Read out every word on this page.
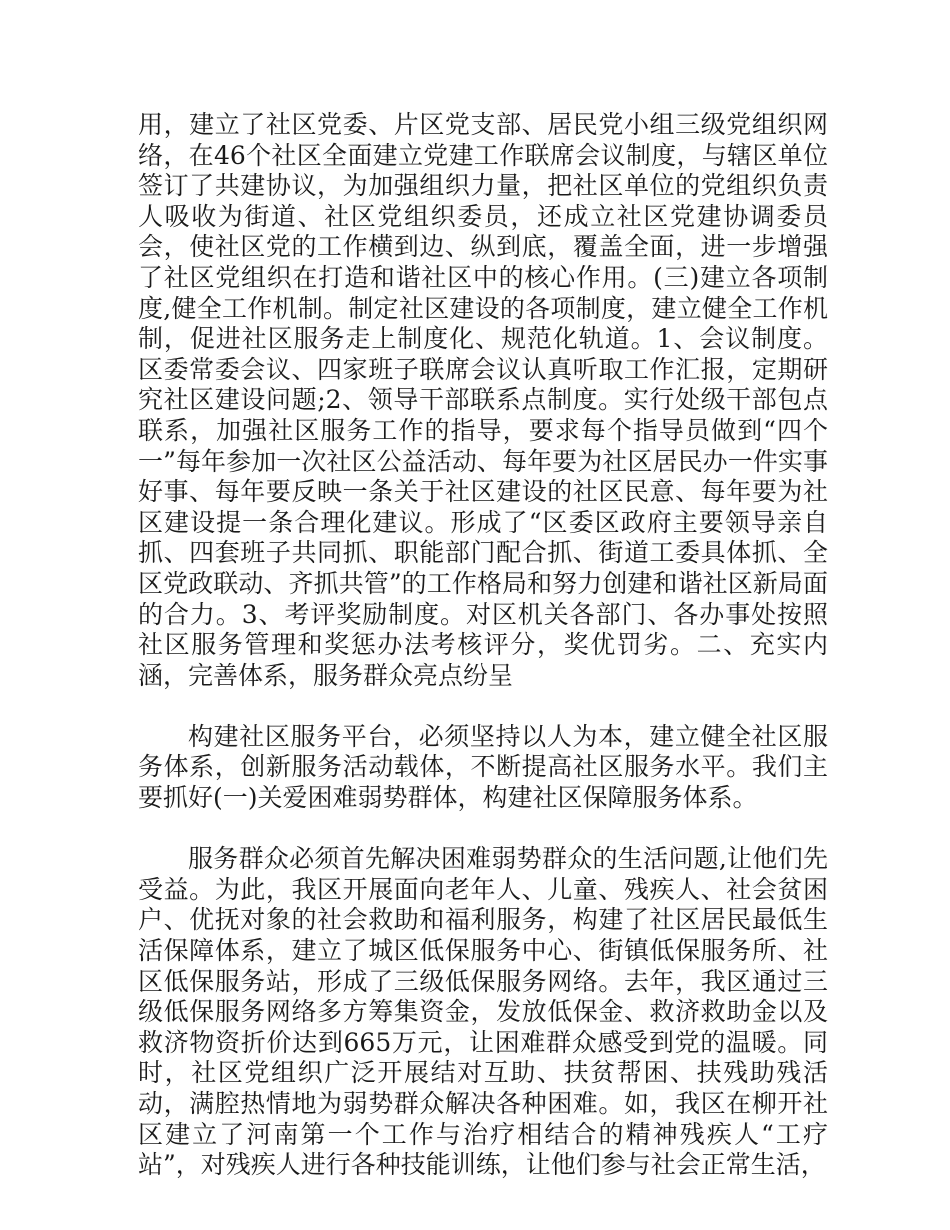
用，建立了社区党委、片区党支部、居民党小组三级党组织网络，在46个社区全面建立党建工作联席会议制度，与辖区单位签订了共建协议，为加强组织力量，把社区单位的党组织负责人吸收为街道、社区党组织委员，还成立社区党建协调委员会，使社区党的工作横到边、纵到底，覆盖全面，进一步增强了社区党组织在打造和谐社区中的核心作用。(三)建立各项制度,健全工作机制。制定社区建设的各项制度，建立健全工作机制，促进社区服务走上制度化、规范化轨道。1、会议制度。区委常委会议、四家班子联席会议认真听取工作汇报，定期研究社区建设问题;2、领导干部联系点制度。实行处级干部包点联系，加强社区服务工作的指导，要求每个指导员做到“四个一”每年参加一次社区公益活动、每年要为社区居民办一件实事好事、每年要反映一条关于社区建设的社区民意、每年要为社区建设提一条合理化建议。形成了“区委区政府主要领导亲自抓、四套班子共同抓、职能部门配合抓、街道工委具体抓、全区党政联动、齐抓共管”的工作格局和努力创建和谐社区新局面的合力。3、考评奖励制度。对区机关各部门、各办事处按照社区服务管理和奖惩办法考核评分，奖优罚劣。二、充实内涵，完善体系，服务群众亮点纷呈

构建社区服务平台，必须坚持以人为本，建立健全社区服务体系，创新服务活动载体，不断提高社区服务水平。我们主要抓好(一)关爱困难弱势群体，构建社区保障服务体系。

服务群众必须首先解决困难弱势群众的生活问题,让他们先受益。为此，我区开展面向老年人、儿童、残疾人、社会贫困户、优抚对象的社会救助和福利服务，构建了社区居民最低生活保障体系，建立了城区低保服务中心、街镇低保服务所、社区低保服务站，形成了三级低保服务网络。去年，我区通过三级低保服务网络多方筹集资金，发放低保金、救济救助金以及救济物资折价达到665万元，让困难群众感受到党的温暖。同时，社区党组织广泛开展结对互助、扶贫帮困、扶残助残活动，满腔热情地为弱势群众解决各种困难。如，我区在柳开社区建立了河南第一个工作与治疗相结合的精神残疾人“工疗站”，对残疾人进行各种技能训练，让他们参与社会正常生活，
